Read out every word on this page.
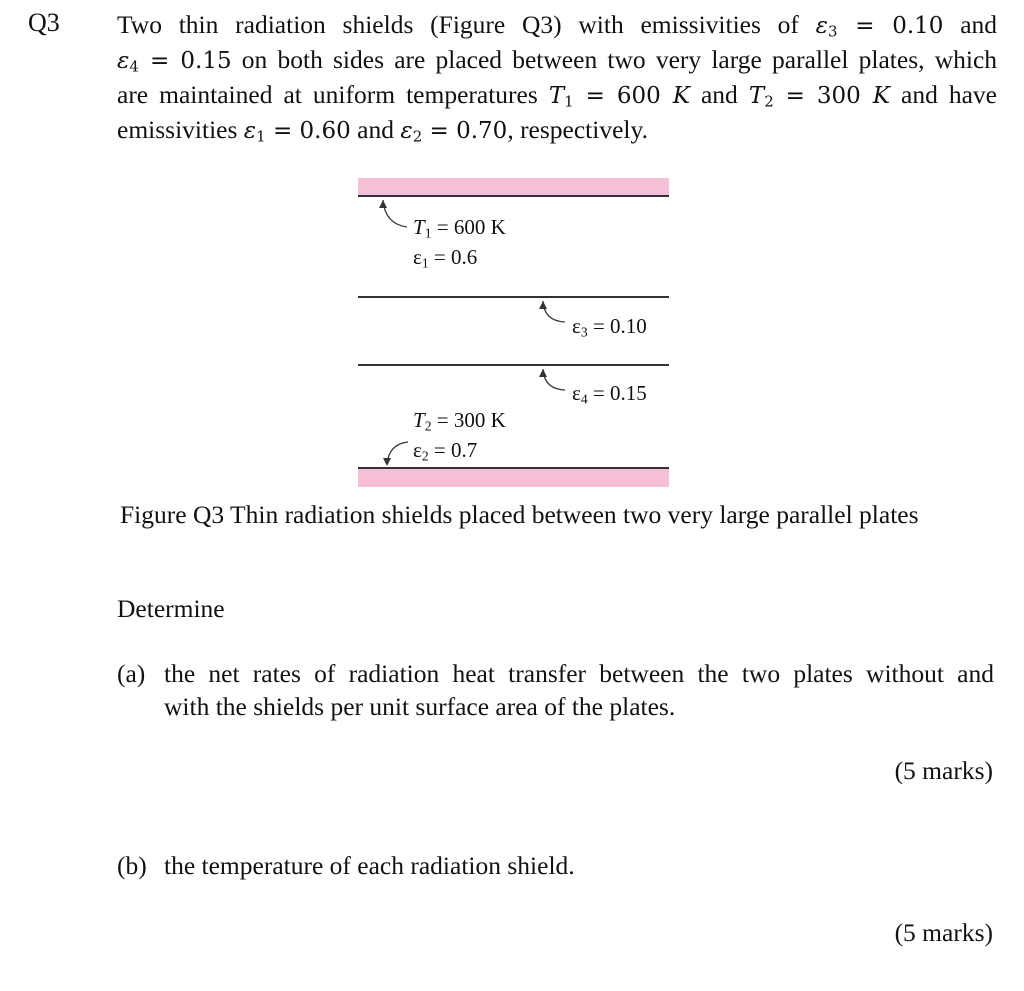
Q3 Two thin radiation shields (Figure Q3) with emissivities of $\varepsilon_3 = 0.10$ and
$\varepsilon_4 = 0.15$ on both sides are placed between two very large parallel plates, which
are maintained at uniform temperatures $T_1 = 600$ K and $T_2 = 300$ K and have
emissivities $\varepsilon_1 = 0.60$ and $\varepsilon_2 = 0.70$, respectively.
$T_1 = 600$ K
$\varepsilon_1 = 0.6$
$\varepsilon_3 = 0.10$
$\varepsilon_4 = 0.15$
$T_2 = 300$ K
$\varepsilon_2 = 0.7$
Figure Q3 Thin radiation shields placed between two very large parallel plates
Determine
(a) the net rates of radiation heat transfer between the two plates without and
with the shields per unit surface area of the plates.
(5 marks)
(b) the temperature of each radiation shield.
(5 marks)
